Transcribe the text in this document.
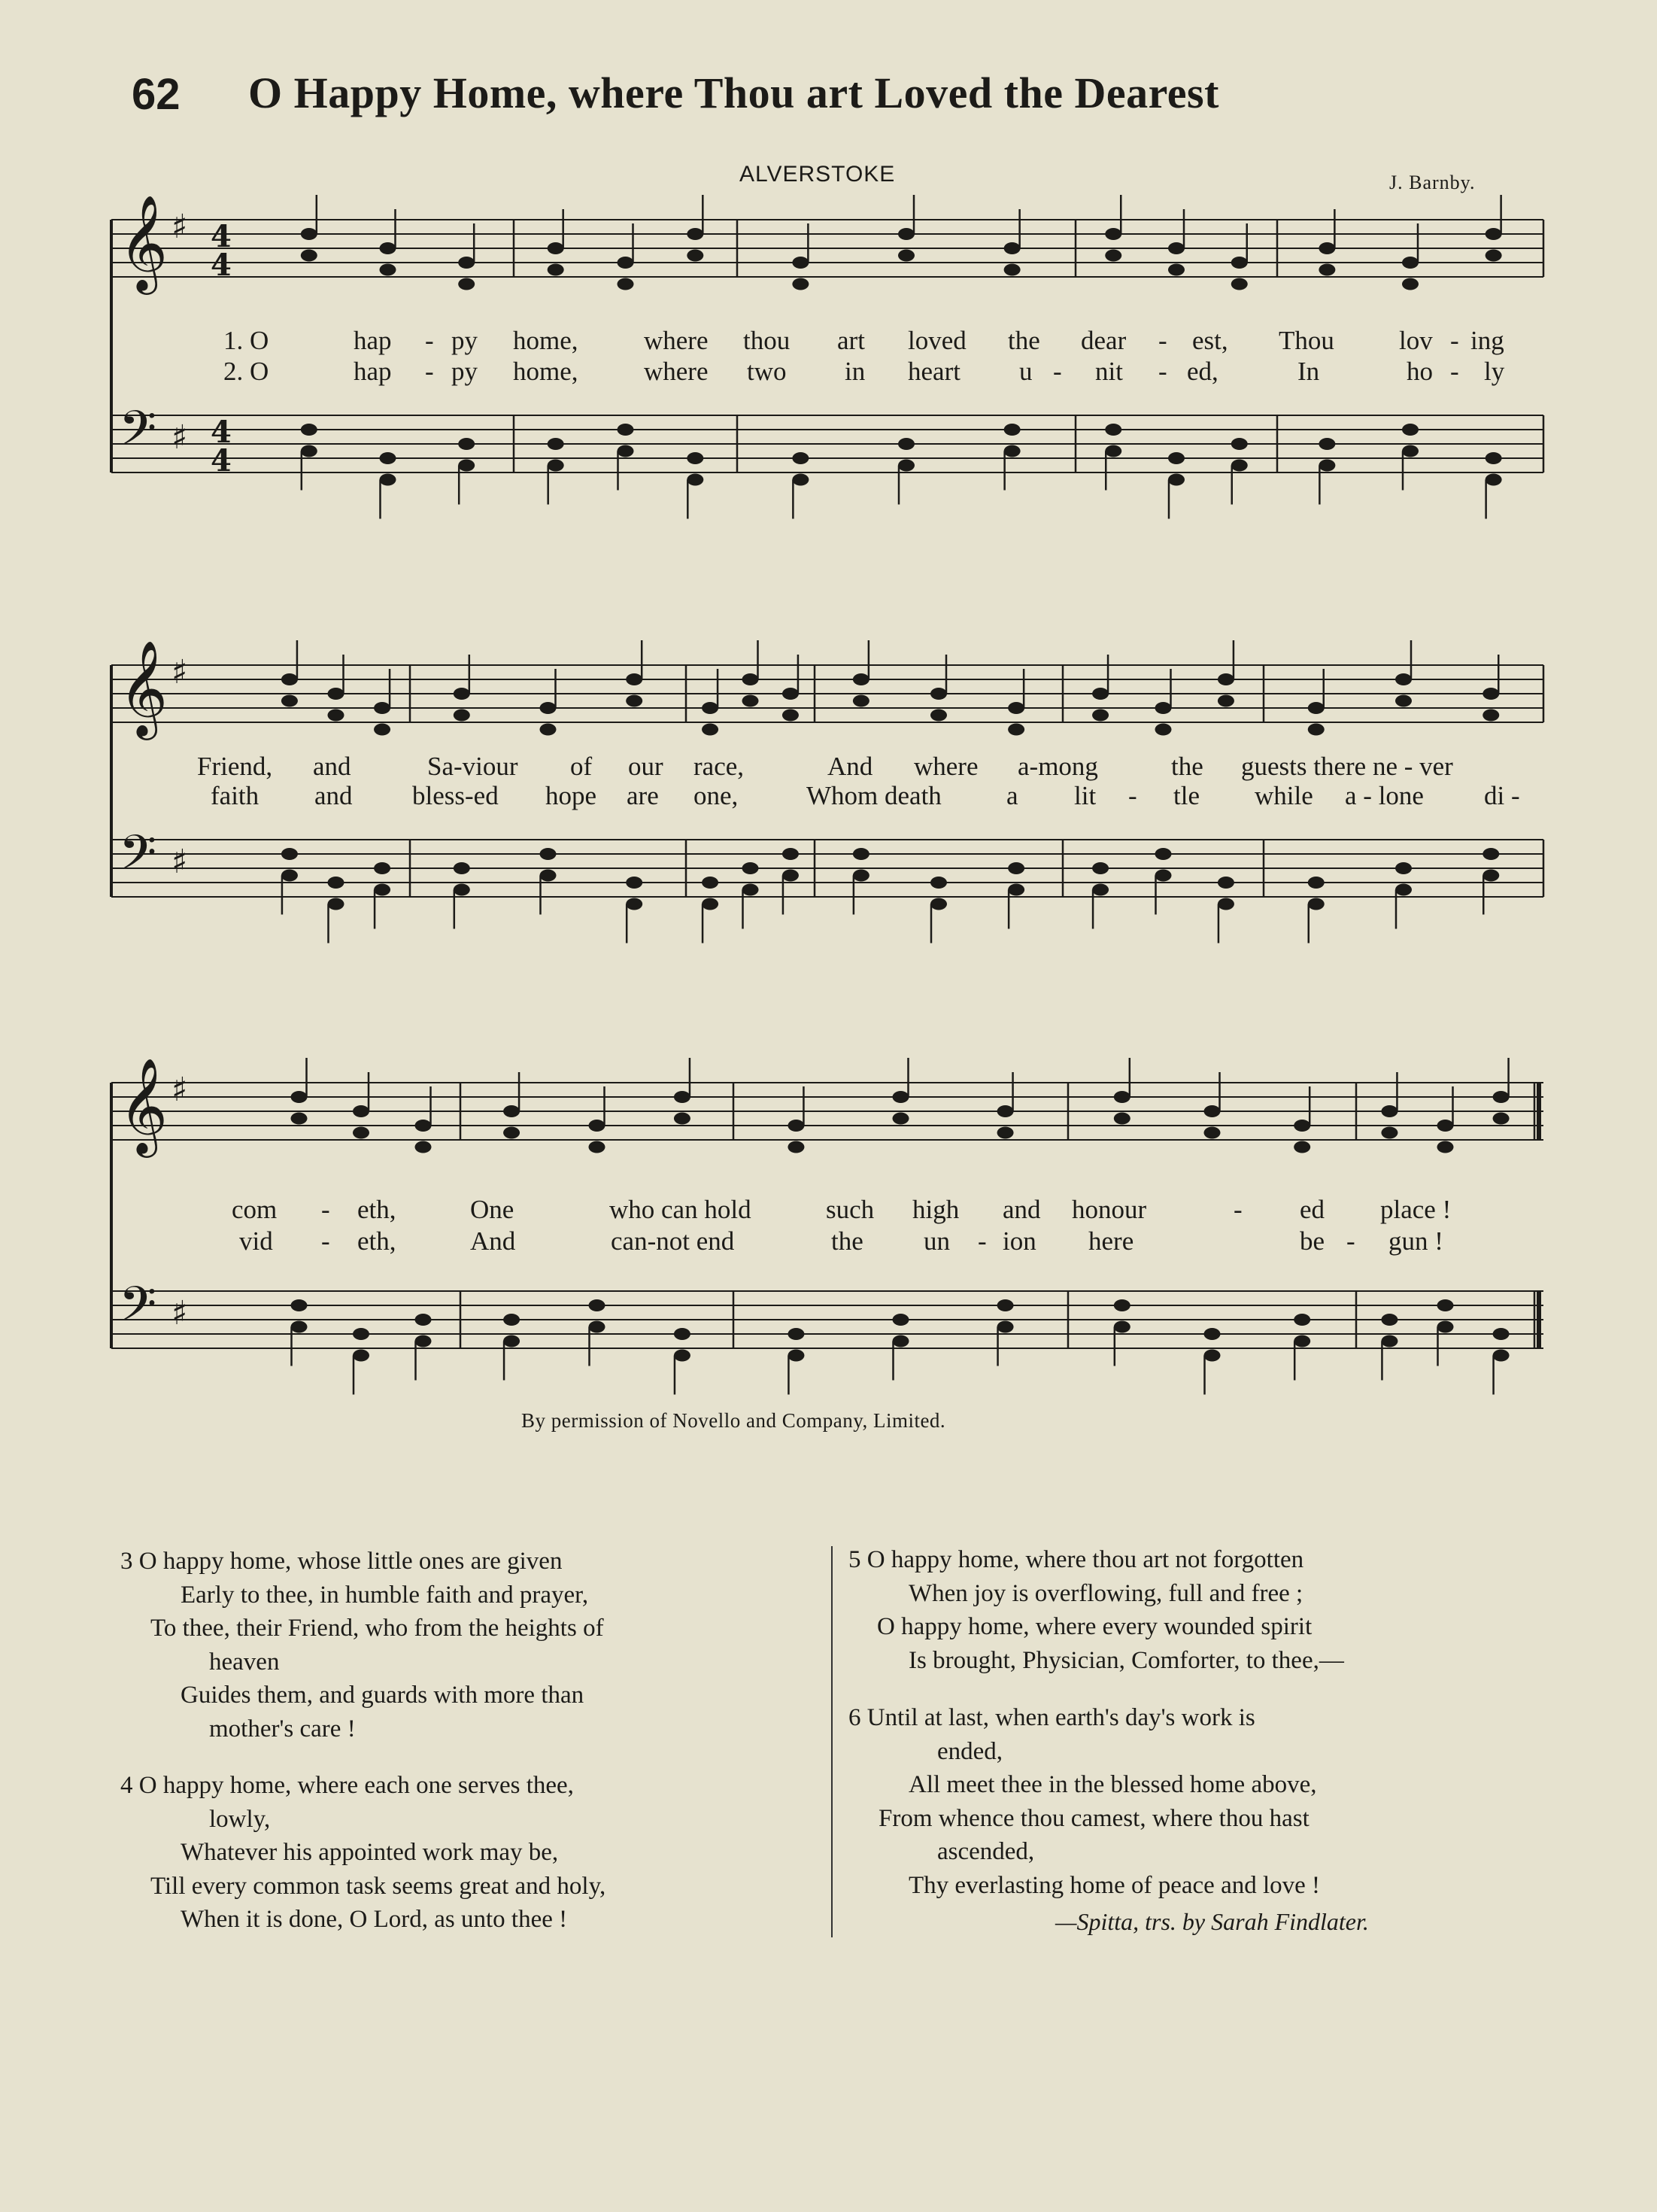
62 O Happy Home, where Thou art Loved the Dearest
ALVERSTOKE	J. Barnby.
𝄞 ♯
𝄢 ♯
4
4
4
4
𝄞 ♯
𝄢 ♯
𝄞 ♯
𝄢 ♯
1. O	hap - py home, where thou art loved the dear - est, Thou lov - ing
2. O	hap - py home, where two in heart u - nit - ed,	In	ho - ly
Friend, and	Sa-viour of our race,	And where a-mong	the guests there ne - ver
faith and bless-ed hope are one,	Whom death a lit - tle while a - lone di -
com - eth,	One	who can hold	such high and honour	- ed place !
vid - eth,	And	can-not end	the un - ion here	be - gun !
By permission of Novello and Company, Limited.
3 O happy home, whose little ones are given
Early to thee, in humble faith and prayer,
To thee, their Friend, who from the heights of
heaven
Guides them, and guards with more than
mother's care !
4 O happy home, where each one serves thee,
lowly,
Whatever his appointed work may be,
Till every common task seems great and holy,
When it is done, O Lord, as unto thee !
5 O happy home, where thou art not forgotten
When joy is overflowing, full and free ;
O happy home, where every wounded spirit
Is brought, Physician, Comforter, to thee,—
6 Until at last, when earth's day's work is
ended,
All meet thee in the blessed home above,
From whence thou camest, where thou hast
ascended,
Thy everlasting home of peace and love !
—Spitta, trs. by Sarah Findlater.
